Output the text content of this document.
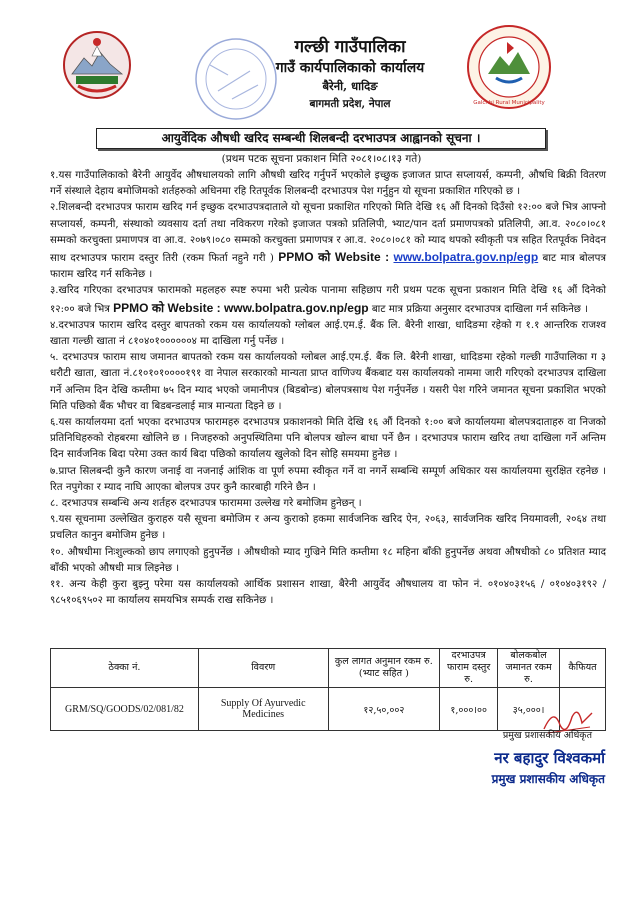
गल्छी गाउँपालिका
गाउँ कार्यपालिकाको कार्यालय
बैरेनी, धादिङ
बागमती प्रदेश, नेपाल	Galchhi Rural Municipality
आयुर्वेदिक औषधी खरिद सम्बन्धी शिलबन्दी दरभाउपत्र आह्वानको सूचना ।
(प्रथम पटक सूचना प्रकाशन मिति २०८१।०८।१३ गते)

१.यस गाउँपालिकाको बैरेनी आयुर्वेद औषधालयको लागि औषधी खरिद गर्नुपर्ने भएकोले इच्छुक इजाजत प्राप्त सप्लायर्स, कम्पनी, औषधि बिक्री वितरण गर्ने संस्थाले देहाय बमोजिमको शर्तहरुको अधिनमा रहि रितपूर्वक शिलबन्दी दरभाउपत्र पेश गर्नुहुन यो सूचना प्रकाशित गरिएको छ ।

२.शिलबन्दी दरभाउपत्र फाराम खरिद गर्न इच्छुक दरभाउपत्रदाताले यो सूचना प्रकाशित गरिएको मिति देखि १६ औं दिनको दिउँसो १२:०० बजे भित्र आफ्नो सप्लायर्स, कम्पनी, संस्थाको व्यवसाय दर्ता तथा नविकरण गरेको इजाजत पत्रको प्रतिलिपी, भ्याट/पान दर्ता प्रमाणपत्रको प्रतिलिपी, आ.व. २०८०।०८१ सम्मको करचुक्ता प्रमाणपत्र वा आ.व. २०७९।०८० सम्मको करचुक्ता प्रमाणपत्र र आ.व. २०८०।०८१ को म्याद थपको स्वीकृती पत्र सहित रितपूर्वक निवेदन साथ दरभाउपत्र फाराम दस्तुर तिरी (रकम फिर्ता नहुने गरी ) PPMO को Website : www.bolpatra.gov.np/egp बाट मात्र बोलपत्र फाराम खरिद गर्न सकिनेछ ।

३.खरिद गरिएका दरभाउपत्र फारामको महलहरु स्पष्ट रुपमा भरी प्रत्येक पानामा सहिछाप गरी प्रथम पटक सूचना प्रकाशन मिति देखि १६ औं दिनेको १२:०० बजे भित्र PPMO को Website : www.bolpatra.gov.np/egp बाट मात्र प्रक्रिया अनुसार दरभाउपत्र दाखिला गर्न सकिनेछ ।

४.दरभाउपत्र फाराम खरिद दस्तुर बापतको रकम यस कार्यालयको ग्लोबल आई.एम.ई. बैंक लि. बैरेनी शाखा, धादिङमा रहेको ग १.१ आन्तरिक राजश्व खाता गल्छी खाता नं ८१०४०१००००००४ मा दाखिला गर्नु पर्नेछ ।

५. दरभाउपत्र फाराम साथ जमानत बापतको रकम यस कार्यालयको ग्लोबल आई.एम.ई. बैंक लि. बैरेनी शाखा, धादिङमा रहेको गल्छी गाउँपालिका ग ३ धरौटी खाता, खाता नं.८१०१०१००००१९१ वा नेपाल सरकारको मान्यता प्राप्त वाणिज्य बैंकबाट यस कार्यालयको नाममा जारी गरिएको दरभाउपत्र दाखिला गर्ने अन्तिम दिन देखि कम्तीमा ७५ दिन म्याद भएको जमानीपत्र (बिडबोन्ड) बोलपत्रसाथ पेश गर्नुपर्नेछ । यसरी पेश गरिने जमानत सूचना प्रकाशित भएको मिति पछिको बैंक भौचर वा बिडबन्डलाई मात्र मान्यता दिइने छ ।

६.यस कार्यालयमा दर्ता भएका दरभाउपत्र फारामहरु दरभाउपत्र प्रकाशनको मिति देखि १६ औं दिनको १:०० बजे कार्यालयमा बोलपत्रदाताहरु वा निजको प्रतिनिधिहरुको रोहबरमा खोलिने छ । निजहरुको अनुपस्थितिमा पनि बोलपत्र खोल्न बाधा पर्ने छैन । दरभाउपत्र फाराम खरिद तथा दाखिला गर्ने अन्तिम दिन सार्वजनिक बिदा परेमा उक्त कार्य बिदा पछिको कार्यालय खुलेको दिन सोहि समयमा हुनेछ ।

७.प्राप्त सिलबन्दी कुनै कारण जनाई वा नजनाई आंशिक वा पूर्ण रुपमा स्वीकृत गर्ने वा नगर्ने सम्बन्धि सम्पूर्ण अधिकार यस कार्यालयमा सुरक्षित रहनेछ । रित नपुगेका र म्याद नाघि आएका बोलपत्र उपर कुनै कारबाही गरिने छैन ।

८. दरभाउपत्र सम्बन्धि अन्य शर्तहरु दरभाउपत्र फाराममा उल्लेख गरे बमोजिम हुनेछन् ।

९.यस सूचनामा उल्लेखित कुराहरु यसै सूचना बमोजिम र अन्य कुराको हकमा सार्वजनिक खरिद ऐन, २०६३, सार्वजनिक खरिद नियमावली, २०६४ तथा प्रचलित कानुन बमोजिम हुनेछ ।

१०. औषधीमा निःशुल्कको छाप लगाएको हुनुपर्नेछ । औषधीको म्याद गुज्रिने मिति कम्तीमा १८ महिना बाँकी हुनुपर्नेछ अथवा औषधीको ८० प्रतिशत म्याद बाँकी भएको औषधी मात्र लिइनेछ ।

११. अन्य केही कुरा बुझ्नु परेमा यस कार्यालयको आर्थिक प्रशासन शाखा, बैरेनी आयुर्वेद औषधालय वा फोन नं. ०१०४०३१५६ / ०१०४०३१९२ / ९८५१०६९५०२ मा कार्यालय समयभित्र सम्पर्क राख सकिनेछ ।

ठेक्का नं.	विवरण	कुल लागत अनुमान रकम रु.(भ्याट सहित )	दरभाउपत्र फाराम दस्तुर रु.	बोलकबोल जमानत रकम रु.	कैफियत
GRM/SQ/GOODS/02/081/82	Supply Of Ayurvedic Medicines	१२,५०,००२	१,०००।००	३५,०००।	
प्रमुख प्रशासकीय अधिकृत
नर बहादुर विश्वकर्मा
प्रमुख प्रशासकीय अधिकृत
